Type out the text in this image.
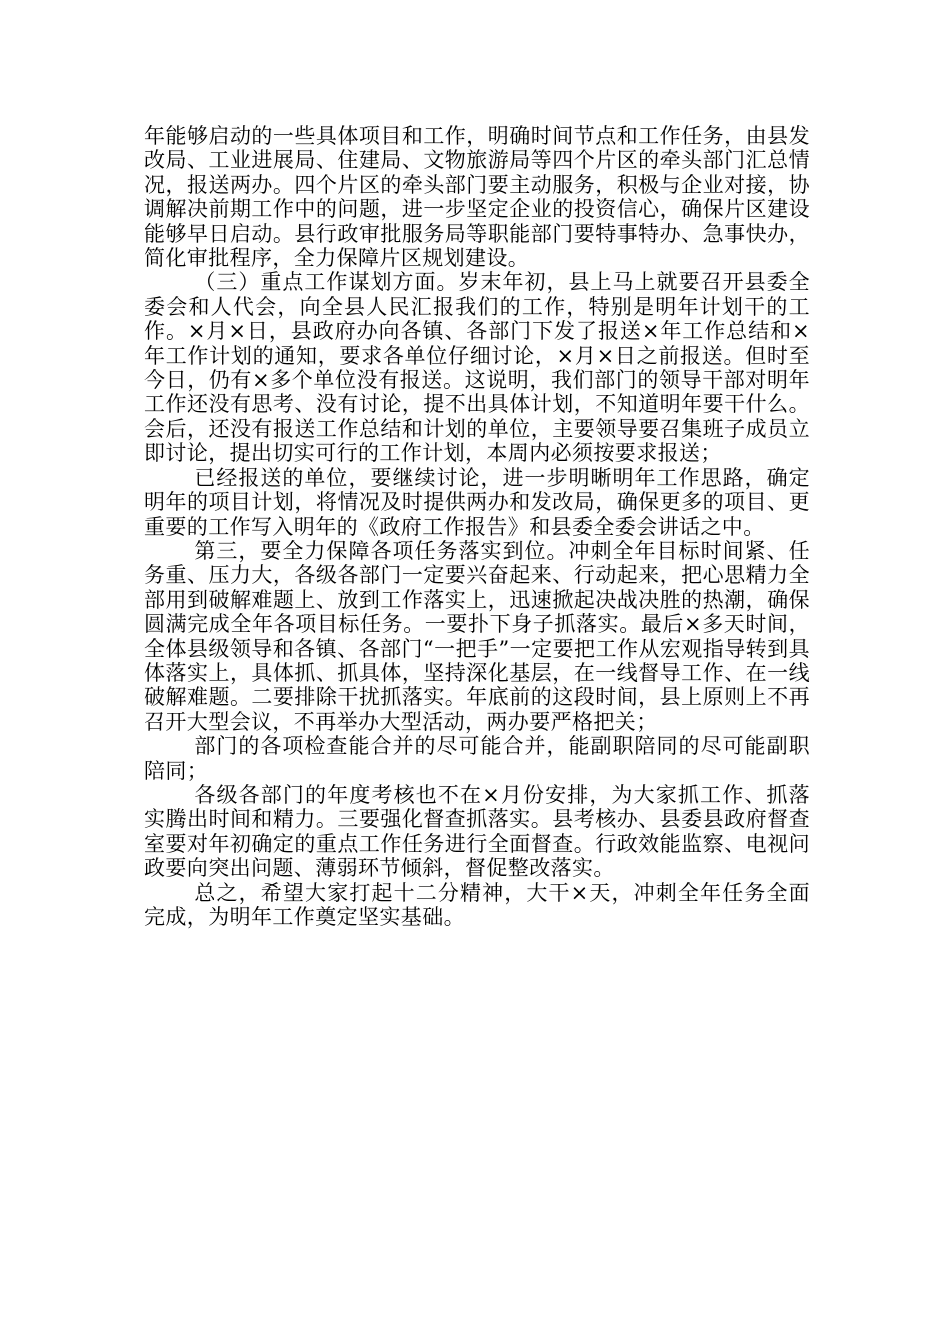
年能够启动的一些具体项目和工作，明确时间节点和工作任务，由县发改局、工业进展局、住建局、文物旅游局等四个片区的牵头部门汇总情况，报送两办。四个片区的牵头部门要主动服务，积极与企业对接，协调解决前期工作中的问题，进一步坚定企业的投资信心，确保片区建设能够早日启动。县行政审批服务局等职能部门要特事特办、急事快办，简化审批程序，全力保障片区规划建设。

（三）重点工作谋划方面。岁末年初，县上马上就要召开县委全委会和人代会，向全县人民汇报我们的工作，特别是明年计划干的工作。×月×日，县政府办向各镇、各部门下发了报送×年工作总结和×年工作计划的通知，要求各单位仔细讨论，×月×日之前报送。但时至今日，仍有×多个单位没有报送。这说明，我们部门的领导干部对明年工作还没有思考、没有讨论，提不出具体计划，不知道明年要干什么。会后，还没有报送工作总结和计划的单位，主要领导要召集班子成员立即讨论，提出切实可行的工作计划，本周内必须按要求报送；

已经报送的单位，要继续讨论，进一步明晰明年工作思路，确定明年的项目计划，将情况及时提供两办和发改局，确保更多的项目、更重要的工作写入明年的《政府工作报告》和县委全委会讲话之中。

第三，要全力保障各项任务落实到位。冲刺全年目标时间紧、任务重、压力大，各级各部门一定要兴奋起来、行动起来，把心思精力全部用到破解难题上、放到工作落实上，迅速掀起决战决胜的热潮，确保圆满完成全年各项目标任务。一要扑下身子抓落实。最后×多天时间，全体县级领导和各镇、各部门“一把手”一定要把工作从宏观指导转到具体落实上，具体抓、抓具体，坚持深化基层，在一线督导工作、在一线破解难题。二要排除干扰抓落实。年底前的这段时间，县上原则上不再召开大型会议，不再举办大型活动，两办要严格把关；

部门的各项检查能合并的尽可能合并，能副职陪同的尽可能副职陪同；

各级各部门的年度考核也不在×月份安排，为大家抓工作、抓落实腾出时间和精力。三要强化督查抓落实。县考核办、县委县政府督查室要对年初确定的重点工作任务进行全面督查。行政效能监察、电视问政要向突出问题、薄弱环节倾斜，督促整改落实。

总之，希望大家打起十二分精神，大干×天，冲刺全年任务全面完成，为明年工作奠定坚实基础。
